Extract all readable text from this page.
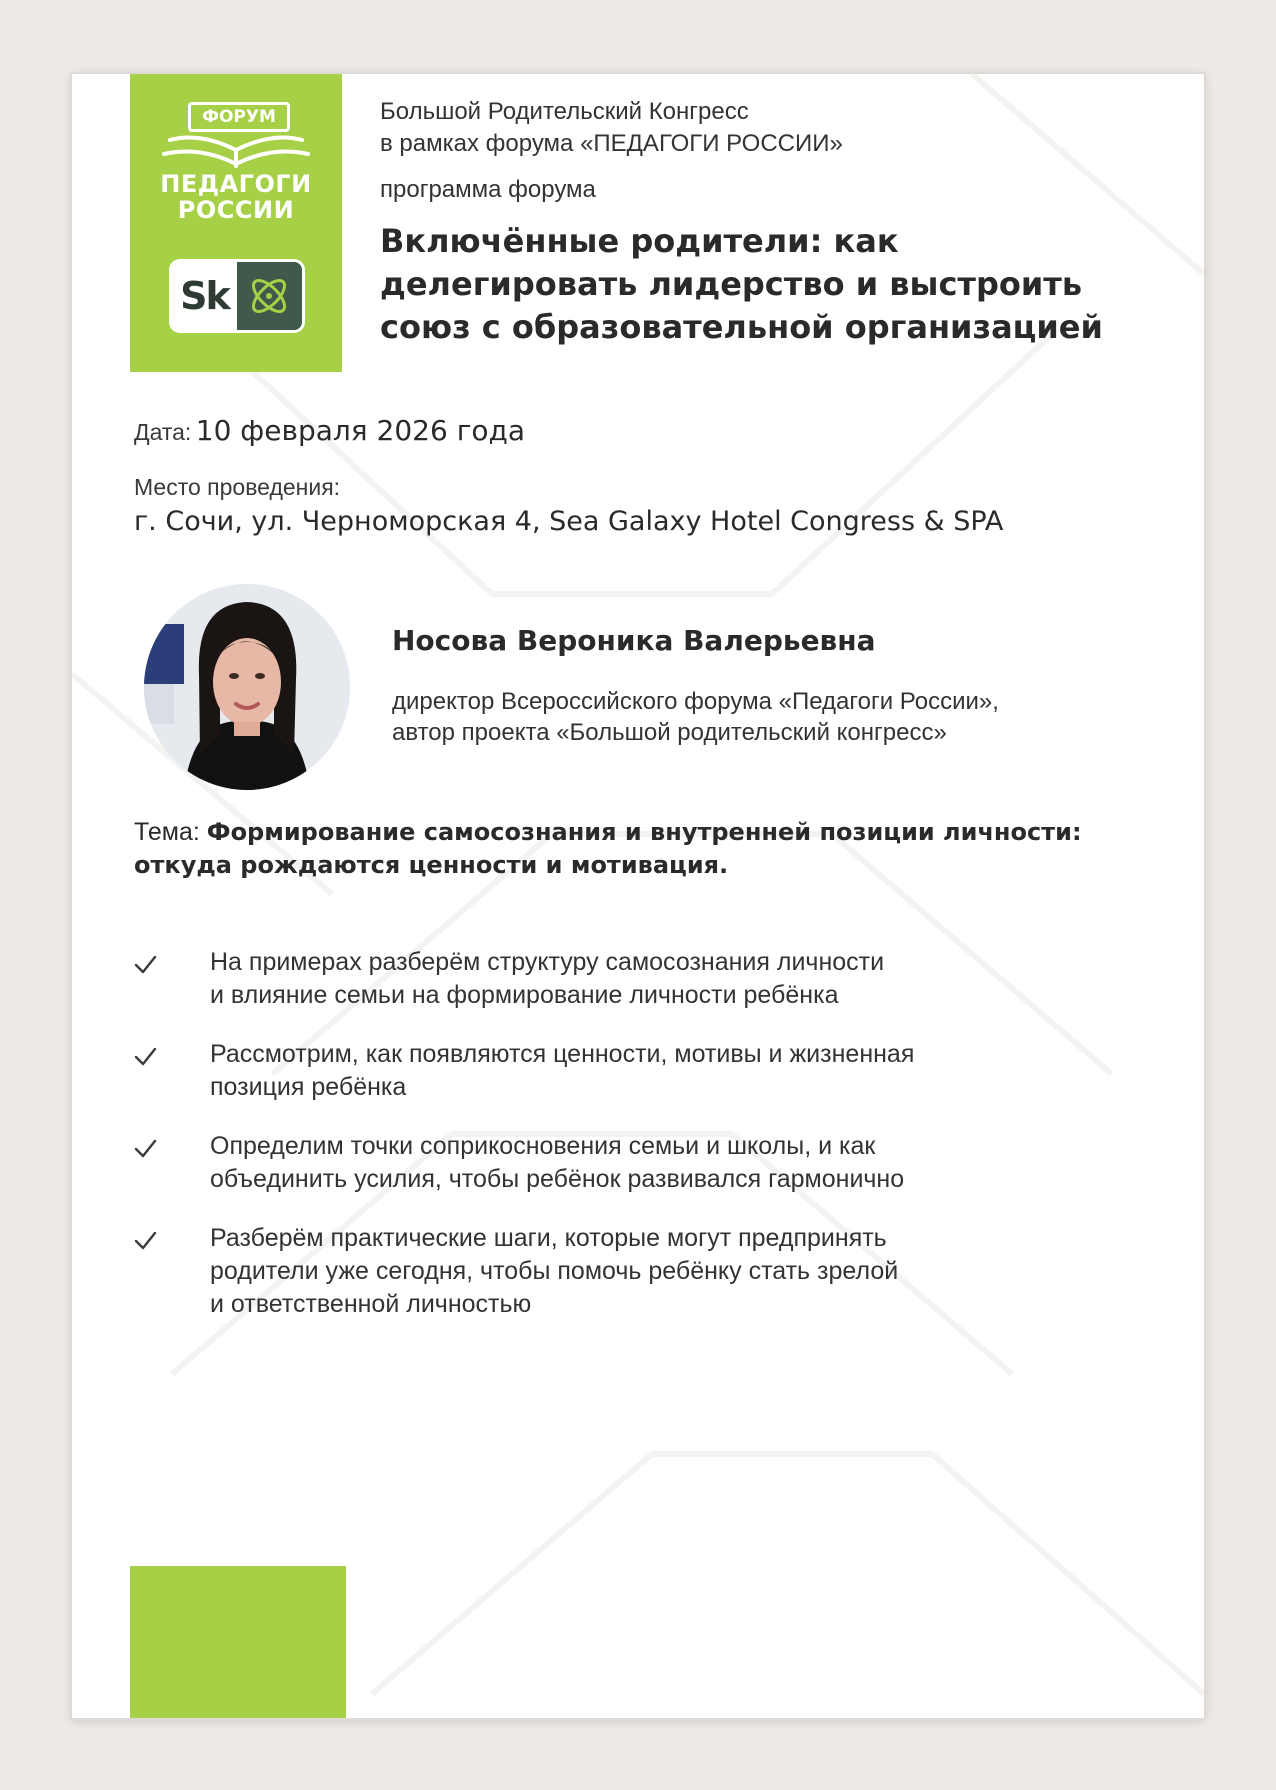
ФОРУМ
ПЕДАГОГИ
РОССИИ
Sk
Большой Родительский Конгресс
в рамках форума «ПЕДАГОГИ РОССИИ»
программа форума
Включённые родители: как
делегировать лидерство и выстроить
союз с образовательной организацией
Дата: 10 февраля 2026 года
Место проведения:
г. Сочи, ул. Черноморская 4, Sea Galaxy Hotel Congress & SPA
Носова Вероника Валерьевна
директор Всероссийского форума «Педагоги России»,
автор проекта «Большой родительский конгресс»
Тема: Формирование самосознания и внутренней позиции личности:
откуда рождаются ценности и мотивация.
На примерах разберём структуру самосознания личности
и влияние семьи на формирование личности ребёнка
Рассмотрим, как появляются ценности, мотивы и жизненная
позиция ребёнка
Определим точки соприкосновения семьи и школы, и как
объединить усилия, чтобы ребёнок развивался гармонично
Разберём практические шаги, которые могут предпринять
родители уже сегодня, чтобы помочь ребёнку стать зрелой
и ответственной личностью
